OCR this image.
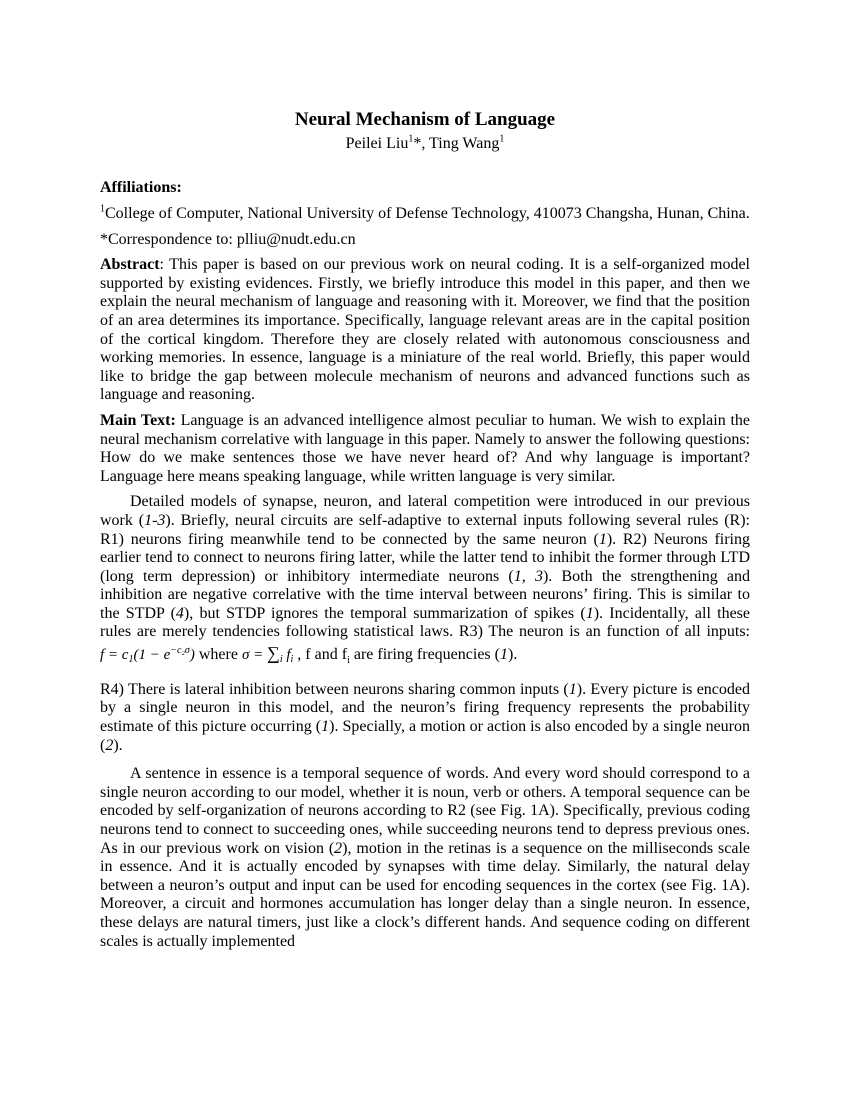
Neural Mechanism of Language
Peilei Liu$^1$*, Ting Wang$^1$
Affiliations:

$^1$College of Computer, National University of Defense Technology, 410073 Changsha, Hunan, China.

*Correspondence to: plliu@nudt.edu.cn

Abstract: This paper is based on our previous work on neural coding. It is a self-organized model supported by existing evidences. Firstly, we briefly introduce this model in this paper, and then we explain the neural mechanism of language and reasoning with it. Moreover, we find that the position of an area determines its importance. Specifically, language relevant areas are in the capital position of the cortical kingdom. Therefore they are closely related with autonomous consciousness and working memories. In essence, language is a miniature of the real world. Briefly, this paper would like to bridge the gap between molecule mechanism of neurons and advanced functions such as language and reasoning.

Main Text: Language is an advanced intelligence almost peculiar to human. We wish to explain the neural mechanism correlative with language in this paper. Namely to answer the following questions: How do we make sentences those we have never heard of? And why language is important? Language here means speaking language, while written language is very similar.

Detailed models of synapse, neuron, and lateral competition were introduced in our previous work (1-3). Briefly, neural circuits are self-adaptive to external inputs following several rules (R): R1) neurons firing meanwhile tend to be connected by the same neuron (1). R2) Neurons firing earlier tend to connect to neurons firing latter, while the latter tend to inhibit the former through LTD (long term depression) or inhibitory intermediate neurons (1, 3). Both the strengthening and inhibition are negative correlative with the time interval between neurons’ firing. This is similar to the STDP (4), but STDP ignores the temporal summarization of spikes (1). Incidentally, all these rules are merely tendencies following statistical laws. R3) The neuron is an function of all inputs: $f = c_1(1 - e^{-c_2\sigma})$ where $\sigma = \sum_i$ $f_i$ , f and $f_i$ are firing frequencies (1).

R4) There is lateral inhibition between neurons sharing common inputs (1). Every picture is encoded by a single neuron in this model, and the neuron’s firing frequency represents the probability estimate of this picture occurring (1). Specially, a motion or action is also encoded by a single neuron (2).

A sentence in essence is a temporal sequence of words. And every word should correspond to a single neuron according to our model, whether it is noun, verb or others. A temporal sequence can be encoded by self-organization of neurons according to R2 (see Fig. 1A). Specifically, previous coding neurons tend to connect to succeeding ones, while succeeding neurons tend to depress previous ones. As in our previous work on vision (2), motion in the retinas is a sequence on the milliseconds scale in essence. And it is actually encoded by synapses with time delay. Similarly, the natural delay between a neuron’s output and input can be used for encoding sequences in the cortex (see Fig. 1A). Moreover, a circuit and hormones accumulation has longer delay than a single neuron. In essence, these delays are natural timers, just like a clock’s different hands. And sequence coding on different scales is actually implemented
